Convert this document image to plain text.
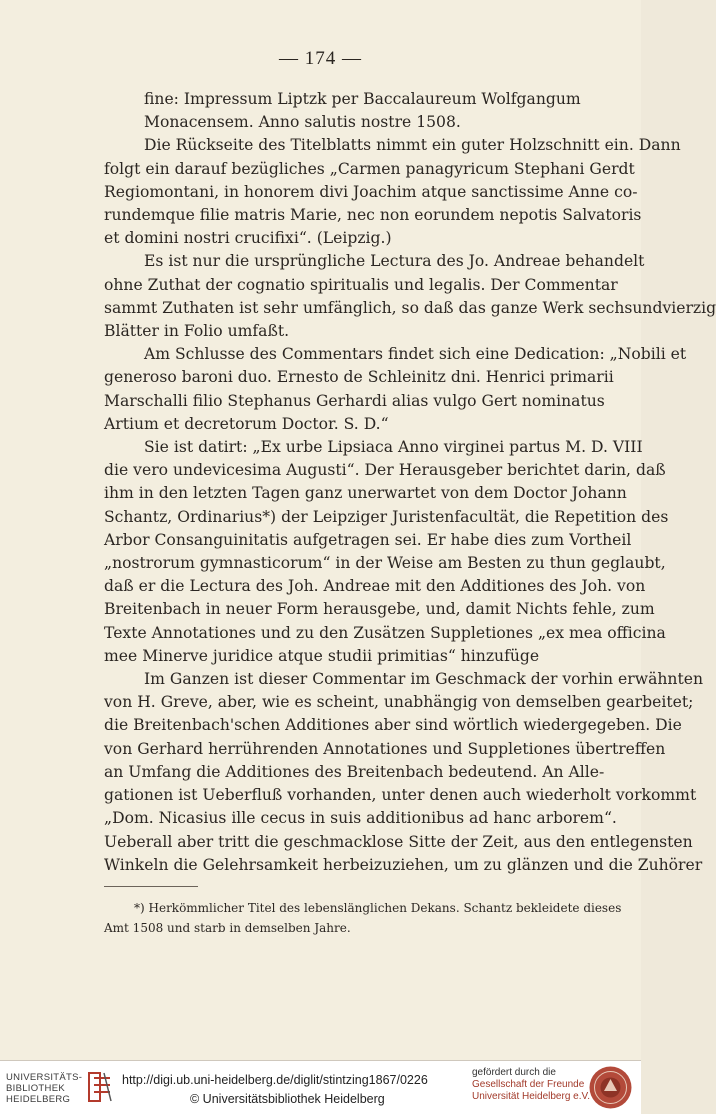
— 174 —
fine: Impressum Liptzk per Baccalaureum Wolfgangum
Monacensem. Anno salutis nostre 1508.
Die Rückseite des Titelblatts nimmt ein guter Holzschnitt ein. Dann
folgt ein darauf bezügliches „Carmen panagyricum Stephani Gerdt
Regiomontani, in honorem divi Joachim atque sanctissime Anne co-
rundemque filie matris Marie, nec non eorundem nepotis Salvatoris
et domini nostri crucifixi“. (Leipzig.)
Es ist nur die ursprüngliche Lectura des Jo. Andreae behandelt
ohne Zuthat der cognatio spiritualis und legalis. Der Commentar
sammt Zuthaten ist sehr umfänglich, so daß das ganze Werk sechsundvierzig
Blätter in Folio umfaßt.
Am Schlusse des Commentars findet sich eine Dedication: „Nobili et
generoso baroni duo. Ernesto de Schleinitz dni. Henrici primarii
Marschalli filio Stephanus Gerhardi alias vulgo Gert nominatus
Artium et decretorum Doctor. S. D.“
Sie ist datirt: „Ex urbe Lipsiaca Anno virginei partus M. D. VIII
die vero undevicesima Augusti“. Der Herausgeber berichtet darin, daß
ihm in den letzten Tagen ganz unerwartet von dem Doctor Johann
Schantz, Ordinarius*) der Leipziger Juristenfacultät, die Repetition des
Arbor Consanguinitatis aufgetragen sei. Er habe dies zum Vortheil
„nostrorum gymnasticorum“ in der Weise am Besten zu thun geglaubt,
daß er die Lectura des Joh. Andreae mit den Additiones des Joh. von
Breitenbach in neuer Form herausgebe, und, damit Nichts fehle, zum
Texte Annotationes und zu den Zusätzen Suppletiones „ex mea officina
mee Minerve juridice atque studii primitias“ hinzufüge
Im Ganzen ist dieser Commentar im Geschmack der vorhin erwähnten
von H. Greve, aber, wie es scheint, unabhängig von demselben gearbeitet;
die Breitenbach'schen Additiones aber sind wörtlich wiedergegeben. Die
von Gerhard herrührenden Annotationes und Suppletiones übertreffen
an Umfang die Additiones des Breitenbach bedeutend. An Alle-
gationen ist Ueberfluß vorhanden, unter denen auch wiederholt vorkommt
„Dom. Nicasius ille cecus in suis additionibus ad hanc arborem“.
Ueberall aber tritt die geschmacklose Sitte der Zeit, aus den entlegensten
Winkeln die Gelehrsamkeit herbeizuziehen, um zu glänzen und die Zuhörer
*) Herkömmlicher Titel des lebenslänglichen Dekans. Schantz bekleidete dieses
Amt 1508 und starb in demselben Jahre.
UNIVERSITÄTS-
BIBLIOTHEK
HEIDELBERG
http://digi.ub.uni-heidelberg.de/diglit/stintzing1867/0226
© Universitätsbibliothek Heidelberg
gefördert durch die
Gesellschaft der Freunde
Universität Heidelberg e.V.
